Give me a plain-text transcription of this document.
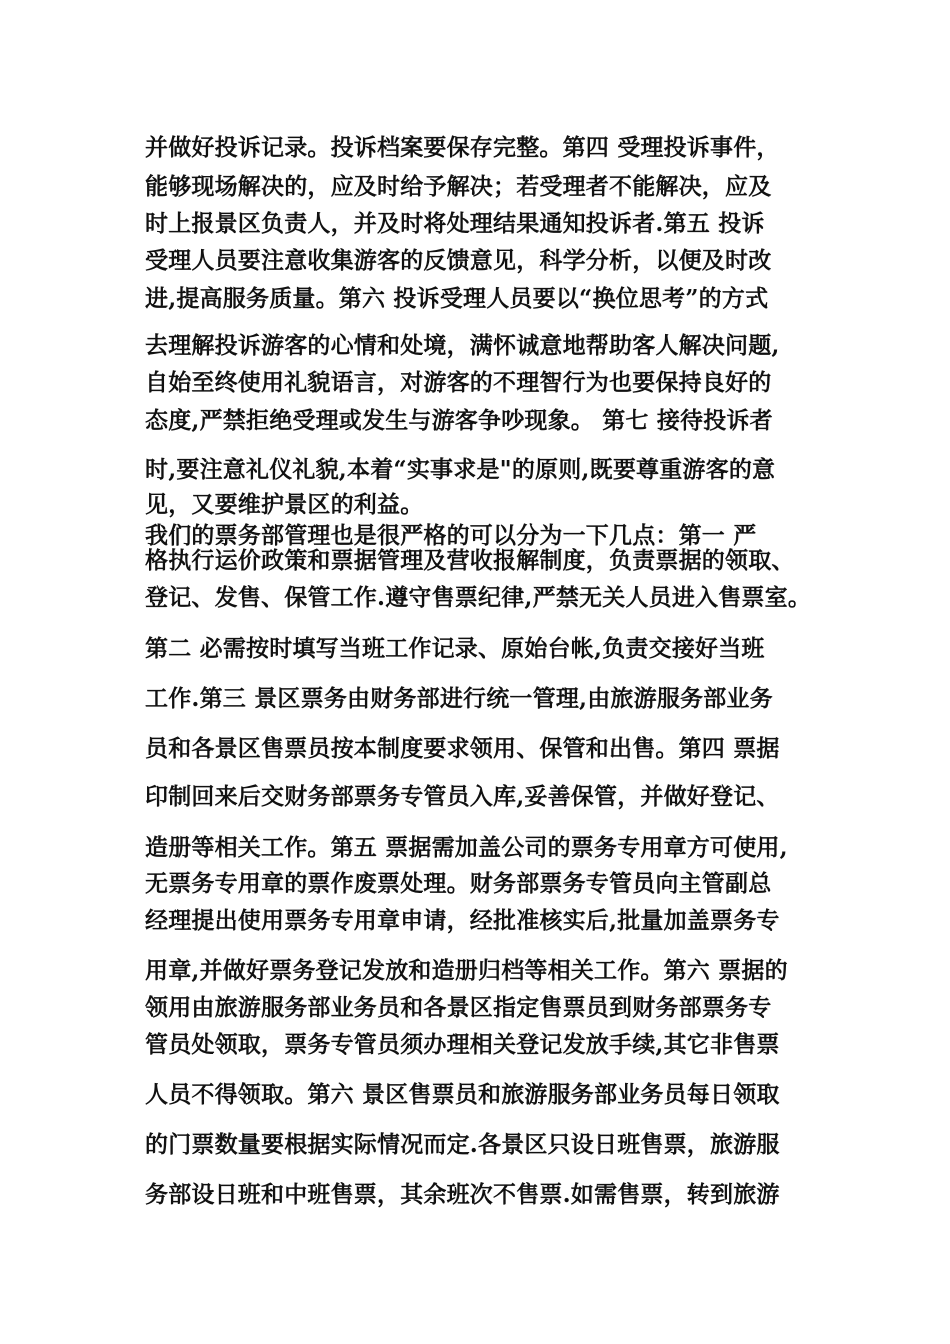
并做好投诉记录。投诉档案要保存完整。第四 受理投诉事件，
能够现场解决的，应及时给予解决；若受理者不能解决，应及
时上报景区负责人，并及时将处理结果通知投诉者.第五 投诉
受理人员要注意收集游客的反馈意见，科学分析，以便及时改
进,提高服务质量。第六 投诉受理人员要以“换位思考”的方式
去理解投诉游客的心情和处境，满怀诚意地帮助客人解决问题,
自始至终使用礼貌语言，对游客的不理智行为也要保持良好的
态度,严禁拒绝受理或发生与游客争吵现象。 第七 接待投诉者
时,要注意礼仪礼貌,本着“实事求是"的原则,既要尊重游客的意
见，又要维护景区的利益。
我们的票务部管理也是很严格的可以分为一下几点：第一 严
格执行运价政策和票据管理及营收报解制度，负责票据的领取、
登记、发售、保管工作.遵守售票纪律,严禁无关人员进入售票室。
第二 必需按时填写当班工作记录、原始台帐,负责交接好当班
工作.第三 景区票务由财务部进行统一管理,由旅游服务部业务
员和各景区售票员按本制度要求领用、保管和出售。第四 票据
印制回来后交财务部票务专管员入库,妥善保管，并做好登记、
造册等相关工作。第五 票据需加盖公司的票务专用章方可使用,
无票务专用章的票作废票处理。财务部票务专管员向主管副总
经理提出使用票务专用章申请，经批准核实后,批量加盖票务专
用章,并做好票务登记发放和造册归档等相关工作。第六 票据的
领用由旅游服务部业务员和各景区指定售票员到财务部票务专
管员处领取，票务专管员须办理相关登记发放手续,其它非售票
人员不得领取。第六 景区售票员和旅游服务部业务员每日领取
的门票数量要根据实际情况而定.各景区只设日班售票，旅游服
务部设日班和中班售票，其余班次不售票.如需售票，转到旅游
